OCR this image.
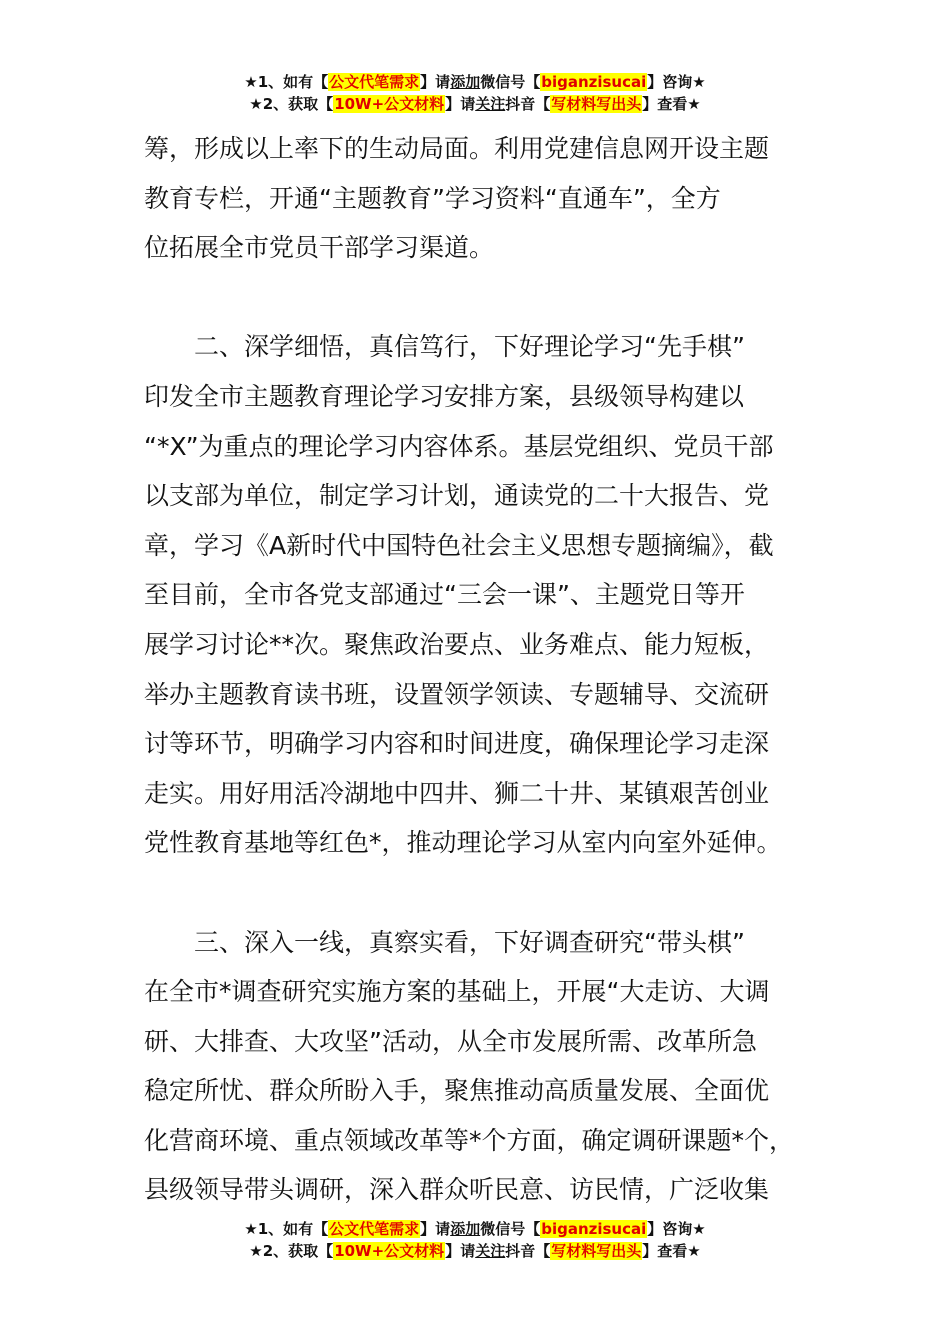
★1、如有【公文代笔需求】请添加微信号【biganzisucai】咨询★
★2、获取【10W+公文材料】请关注抖音【写材料写出头】查看★

筹，形成以上率下的生动局面。利用党建信息网开设主题

教育专栏，开通“主题教育”学习资料“直通车”，全方

位拓展全市党员干部学习渠道。

二、深学细悟，真信笃行，下好理论学习“先手棋”

印发全市主题教育理论学习安排方案，县级领导构建以

“*X”为重点的理论学习内容体系。基层党组织、党员干部

以支部为单位，制定学习计划，通读党的二十大报告、党

章，学习《A新时代中国特色社会主义思想专题摘编》，截

至目前，全市各党支部通过“三会一课”、主题党日等开

展学习讨论**次。聚焦政治要点、业务难点、能力短板，

举办主题教育读书班，设置领学领读、专题辅导、交流研

讨等环节，明确学习内容和时间进度，确保理论学习走深

走实。用好用活冷湖地中四井、狮二十井、某镇艰苦创业

党性教育基地等红色*，推动理论学习从室内向室外延伸。

三、深入一线，真察实看，下好调查研究“带头棋”

在全市*调查研究实施方案的基础上，开展“大走访、大调

研、大排查、大攻坚”活动，从全市发展所需、改革所急

稳定所忧、群众所盼入手，聚焦推动高质量发展、全面优

化营商环境、重点领域改革等*个方面，确定调研课题*个，

县级领导带头调研，深入群众听民意、访民情，广泛收集

★1、如有【公文代笔需求】请添加微信号【biganzisucai】咨询★
★2、获取【10W+公文材料】请关注抖音【写材料写出头】查看★
